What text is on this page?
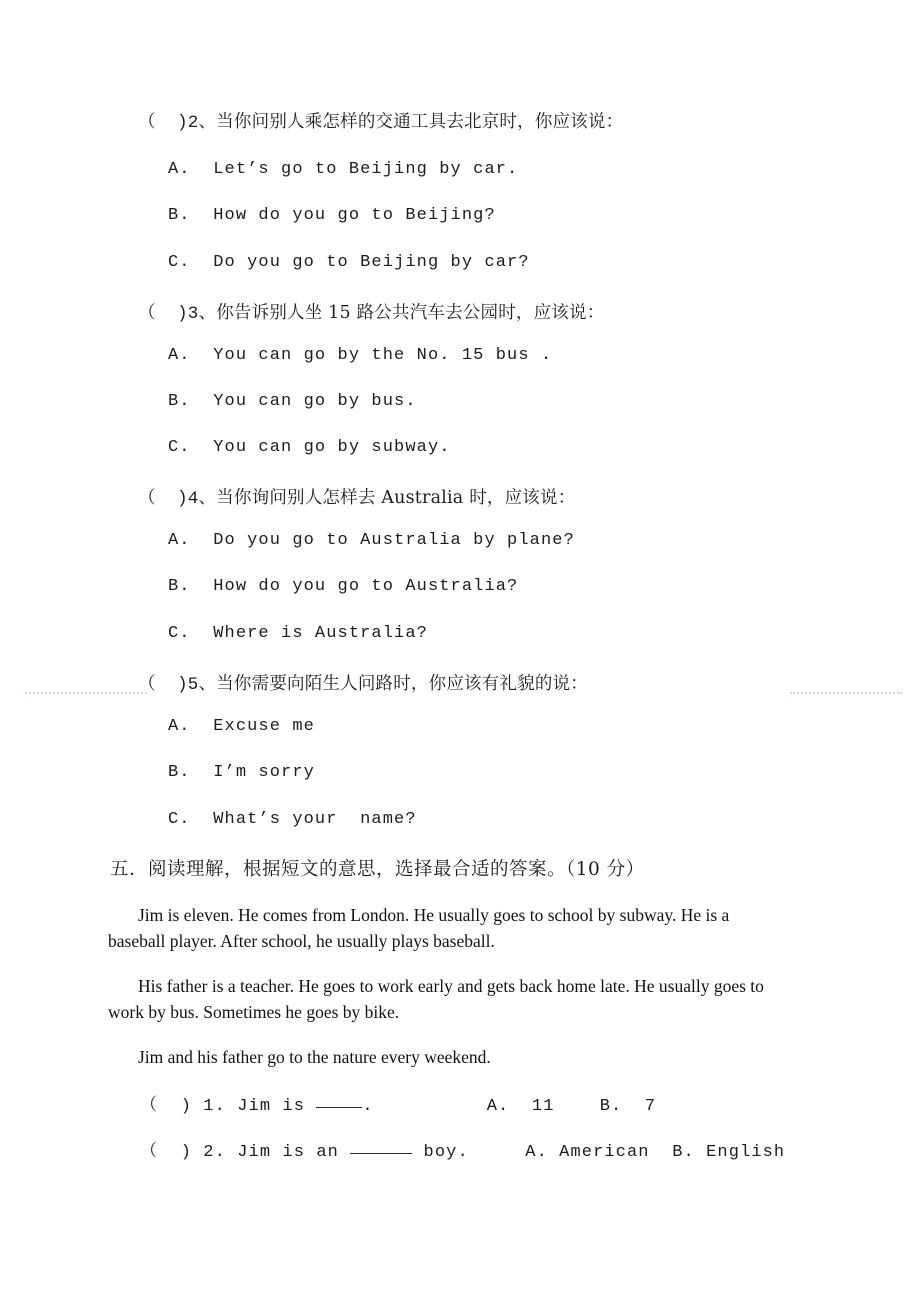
（  )2、当你问别人乘怎样的交通工具去北京时，你应该说：
A.  Let’s go to Beijing by car.
B.  How do you go to Beijing?
C.  Do you go to Beijing by car?
（  )3、你告诉别人坐 15 路公共汽车去公园时，应该说：
A.  You can go by the No. 15 bus .
B.  You can go by bus.
C.  You can go by subway.
（  )4、当你询问别人怎样去 Australia 时，应该说：
A.  Do you go to Australia by plane?
B.  How do you go to Australia?
C.  Where is Australia?
（  )5、当你需要向陌生人问路时，你应该有礼貌的说：
A.  Excuse me
B.  I’m sorry
C.  What’s your  name?
五．阅读理解，根据短文的意思，选择最合适的答案。（10 分）
Jim is eleven. He comes from London. He usually goes to school by subway. He is a baseball player. After school, he usually plays baseball.
His father is a teacher. He goes to work early and gets back home late. He usually goes to work by bus. Sometimes he goes by bike.
Jim and his father go to the nature every weekend.
（  ) 1. Jim is	.	A.  11    B.  7
（  ) 2. Jim is an	boy.	A. American  B. English
